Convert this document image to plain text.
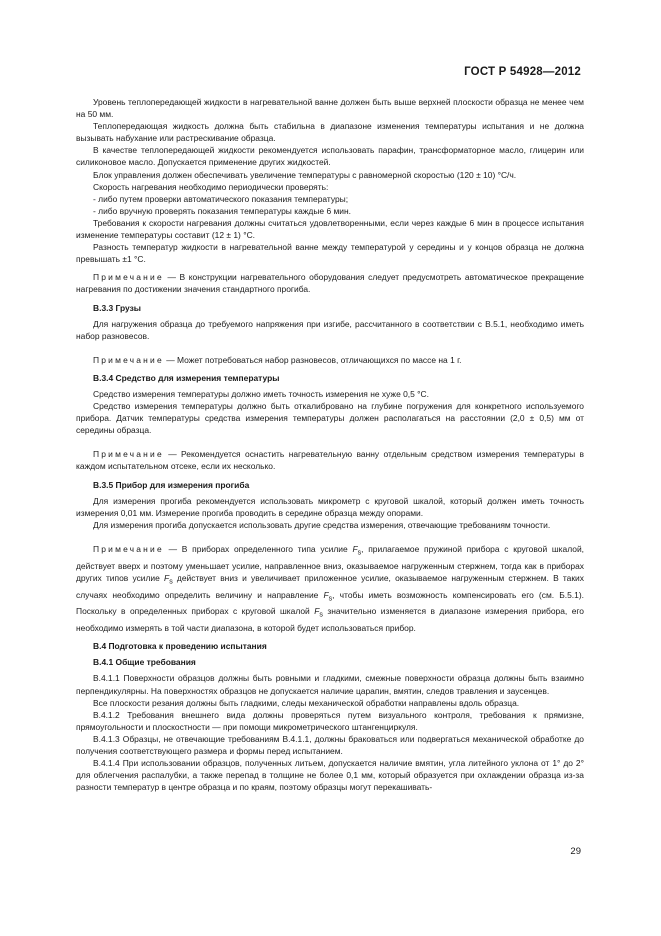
ГОСТ Р 54928—2012

Уровень теплопередающей жидкости в нагревательной ванне должен быть выше верхней плоскости образца не менее чем на 50 мм.

Теплопередающая жидкость должна быть стабильна в диапазоне изменения температуры испытания и не должна вызывать набухание или растрескивание образца.

В качестве теплопередающей жидкости рекомендуется использовать парафин, трансформаторное масло, глицерин или силиконовое масло. Допускается применение других жидкостей.

Блок управления должен обеспечивать увеличение температуры с равномерной скоростью (120 ± 10) °C/ч.

Скорость нагревания необходимо периодически проверять:

- либо путем проверки автоматического показания температуры;

- либо вручную проверять показания температуры каждые 6 мин.

Требования к скорости нагревания должны считаться удовлетворенными, если через каждые 6 мин в процессе испытания изменение температуры составит (12 ± 1) °C.

Разность температур жидкости в нагревательной ванне между температурой у середины и у концов образца не должна превышать ±1 °C.

Примечание — В конструкции нагревательного оборудования следует предусмотреть автоматическое прекращение нагревания по достижении значения стандартного прогиба.

В.3.3 Грузы

Для нагружения образца до требуемого напряжения при изгибе, рассчитанного в соответствии с В.5.1, необходимо иметь набор разновесов.

Примечание — Может потребоваться набор разновесов, отличающихся по массе на 1 г.

В.3.4 Средство для измерения температуры

Средство измерения температуры должно иметь точность измерения не хуже 0,5 °C.

Средство измерения температуры должно быть откалибровано на глубине погружения для конкретного используемого прибора. Датчик температуры средства измерения температуры должен располагаться на расстоянии (2,0 ± 0,5) мм от середины образца.

Примечание — Рекомендуется оснастить нагревательную ванну отдельным средством измерения температуры в каждом испытательном отсеке, если их несколько.

В.3.5 Прибор для измерения прогиба

Для измерения прогиба рекомендуется использовать микрометр с круговой шкалой, который должен иметь точность измерения 0,01 мм. Измерение прогиба проводить в середине образца между опорами.

Для измерения прогиба допускается использовать другие средства измерения, отвечающие требованиям точности.

Примечание — В приборах определенного типа усилие $F_s$, прилагаемое пружиной прибора с круговой шкалой, действует вверх и поэтому уменьшает усилие, направленное вниз, оказываемое нагруженным стержнем, тогда как в приборах других типов усилие $F_s$ действует вниз и увеличивает приложенное усилие, оказываемое нагруженным стержнем. В таких случаях необходимо определить величину и направление $F_s$, чтобы иметь возможность компенсировать его (см. Б.5.1). Поскольку в определенных приборах с круговой шкалой $F_s$ значительно изменяется в диапазоне измерения прибора, его необходимо измерять в той части диапазона, в которой будет использоваться прибор.

В.4 Подготовка к проведению испытания

В.4.1 Общие требования

В.4.1.1 Поверхности образцов должны быть ровными и гладкими, смежные поверхности образца должны быть взаимно перпендикулярны. На поверхностях образцов не допускается наличие царапин, вмятин, следов травления и заусенцев.

Все плоскости резания должны быть гладкими, следы механической обработки направлены вдоль образца.

В.4.1.2 Требования внешнего вида должны проверяться путем визуального контроля, требования к прямизне, прямоугольности и плоскостности — при помощи микрометрического штангенциркуля.

В.4.1.3 Образцы, не отвечающие требованиям В.4.1.1, должны браковаться или подвергаться механической обработке до получения соответствующего размера и формы перед испытанием.

В.4.1.4 При использовании образцов, полученных литьем, допускается наличие вмятин, угла литейного уклона от 1° до 2° для облегчения распалубки, а также перепад в толщине не более 0,1 мм, который образуется при охлаждении образца из-за разности температур в центре образца и по краям, поэтому образцы могут перекашивать-

29
